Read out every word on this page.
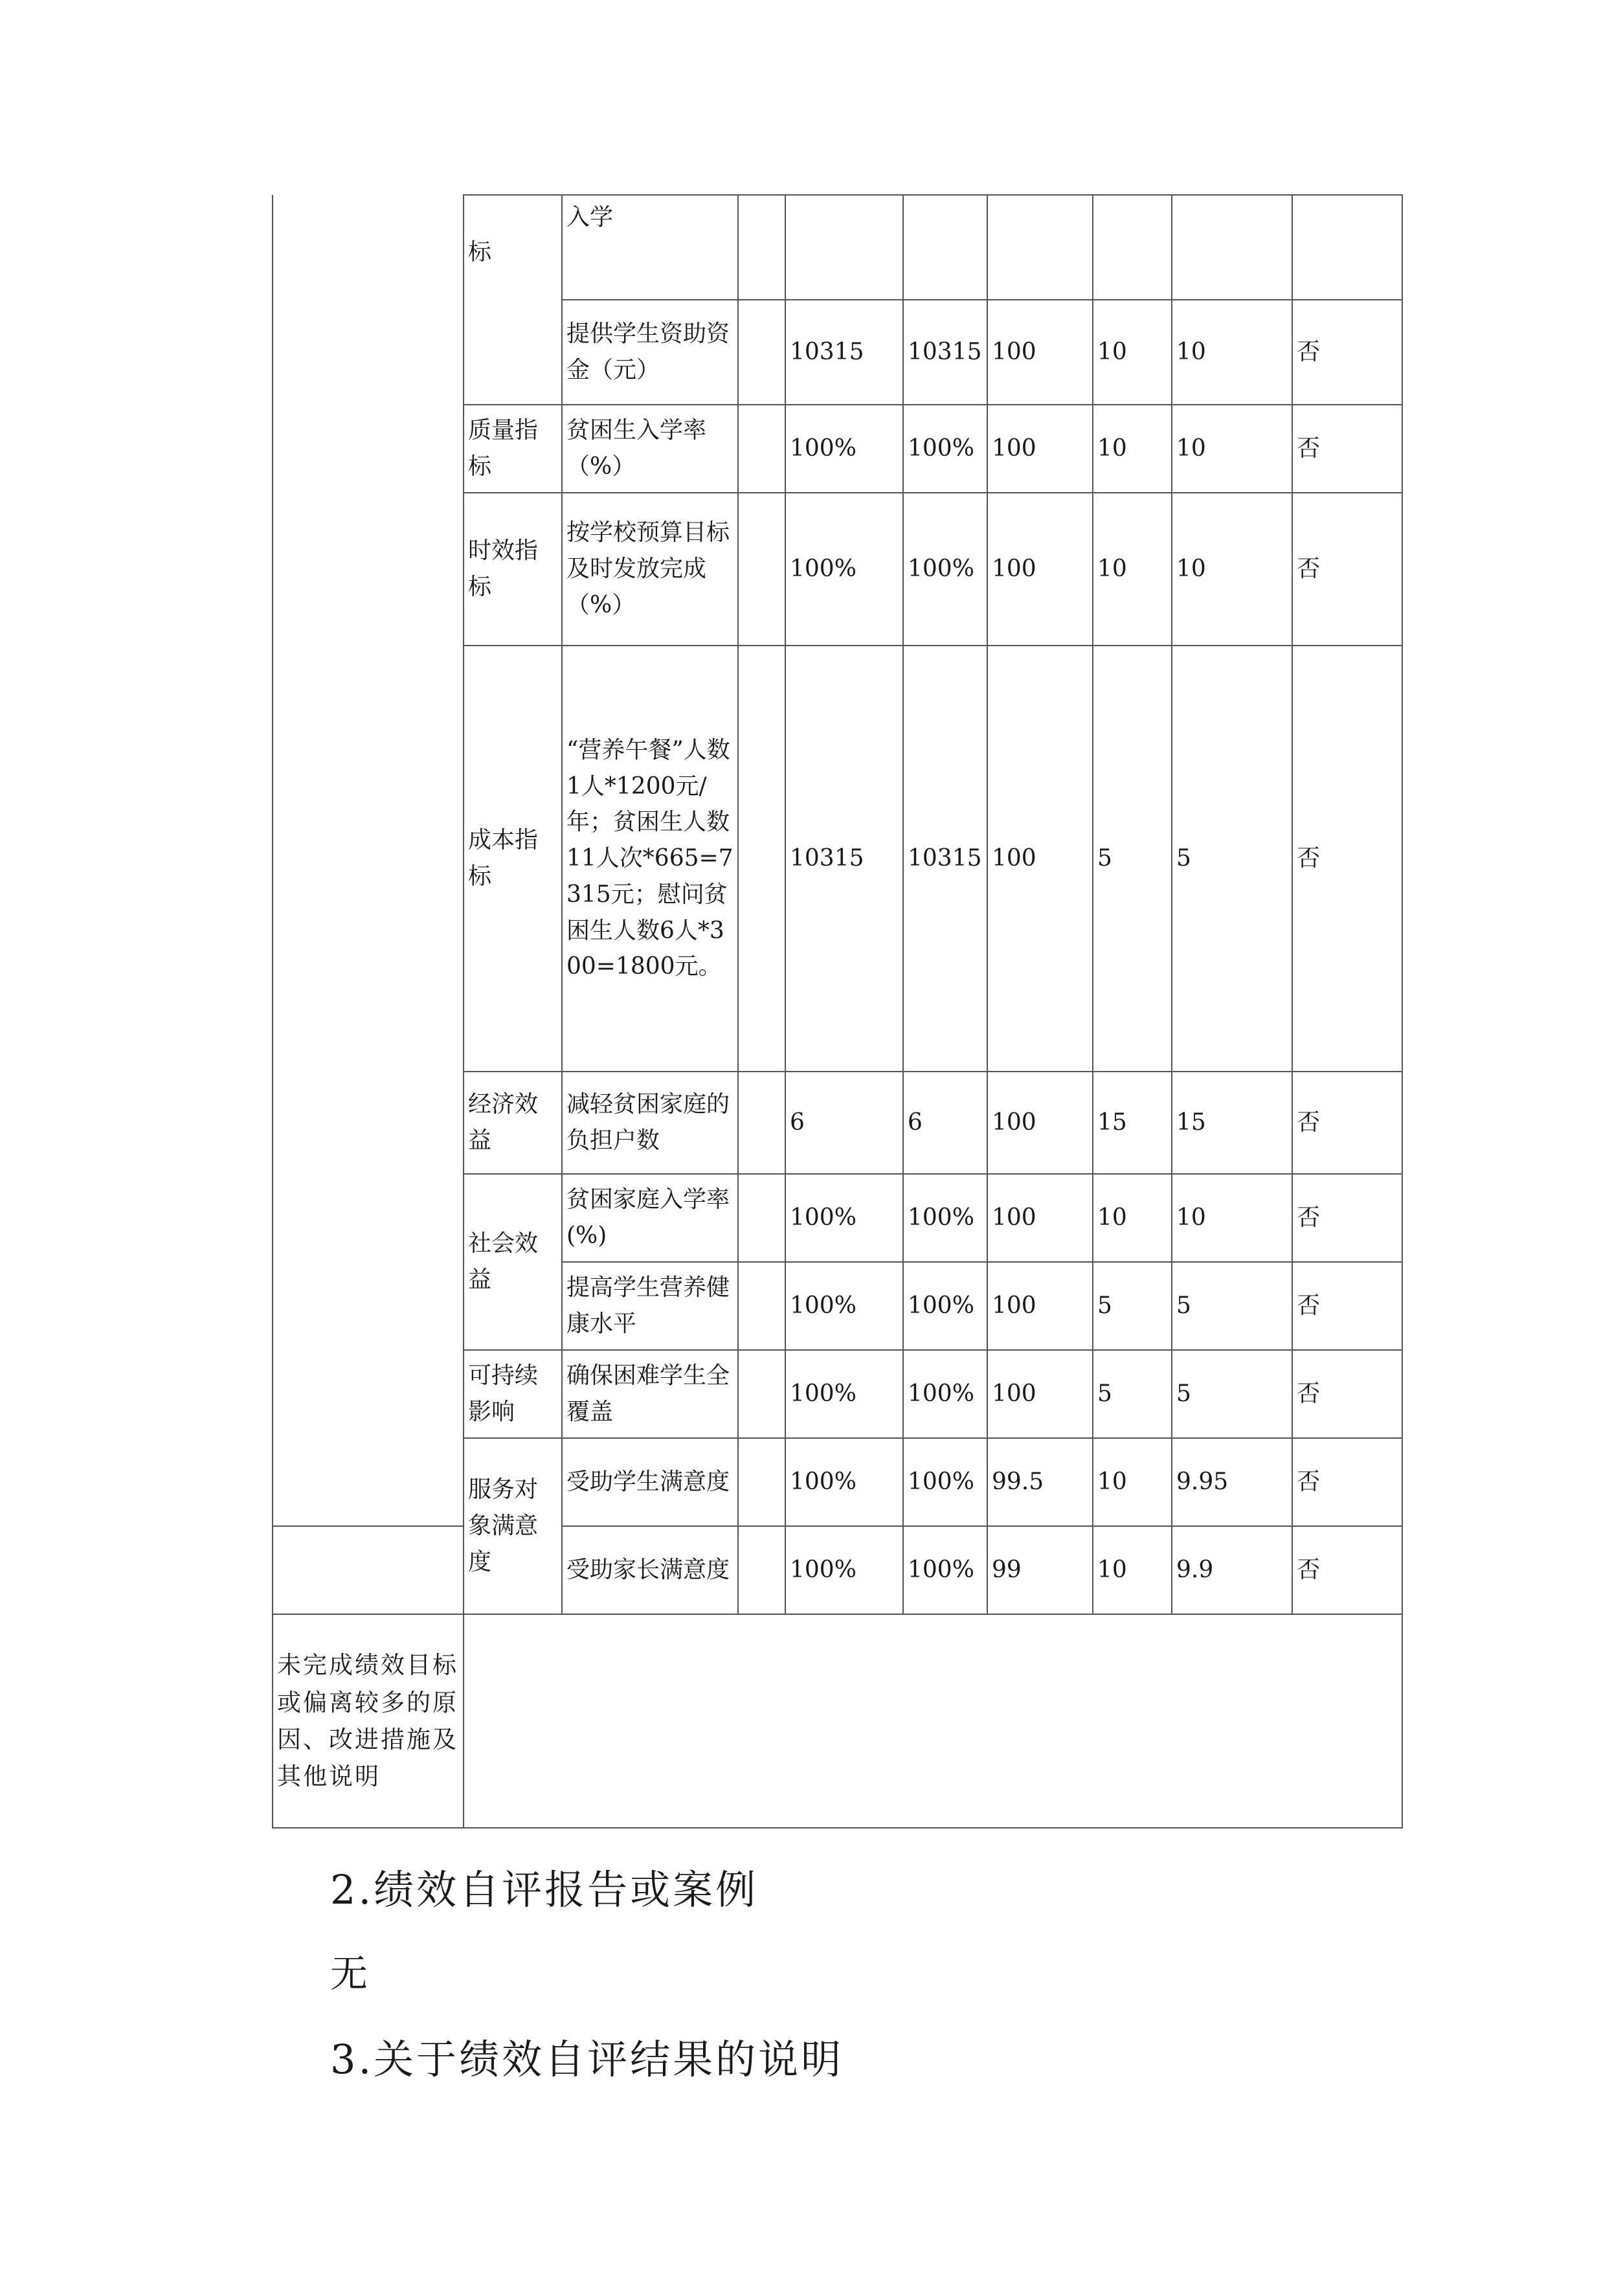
	标	入学							
		提供学生资助资金（元）		10315	10315	100	10	10	否
	质量指标	贫困生入学率（%）		100%	100%	100	10	10	否
	时效指标	按学校预算目标及时发放完成（%）		100%	100%	100	10	10	否
	成本指标	“营养午餐”人数1人*1200元/年；贫困生人数11人次*665=7315元；慰问贫困生人数6人*300=1800元。		10315	10315	100	5	5	否
	经济效益	减轻贫困家庭的负担户数		6	6	100	15	15	否
	社会效益	贫困家庭入学率(%)		100%	100%	100	10	10	否
		提高学生营养健康水平		100%	100%	100	5	5	否
	可持续影响	确保困难学生全覆盖		100%	100%	100	5	5	否
	服务对象满意度	受助学生满意度		100%	100%	99.5	10	9.95	否
		受助家长满意度		100%	100%	99	10	9.9	否
未完成绩效目标或偏离较多的原因、改进措施及其他说明									
2.绩效自评报告或案例
无
3.关于绩效自评结果的说明
